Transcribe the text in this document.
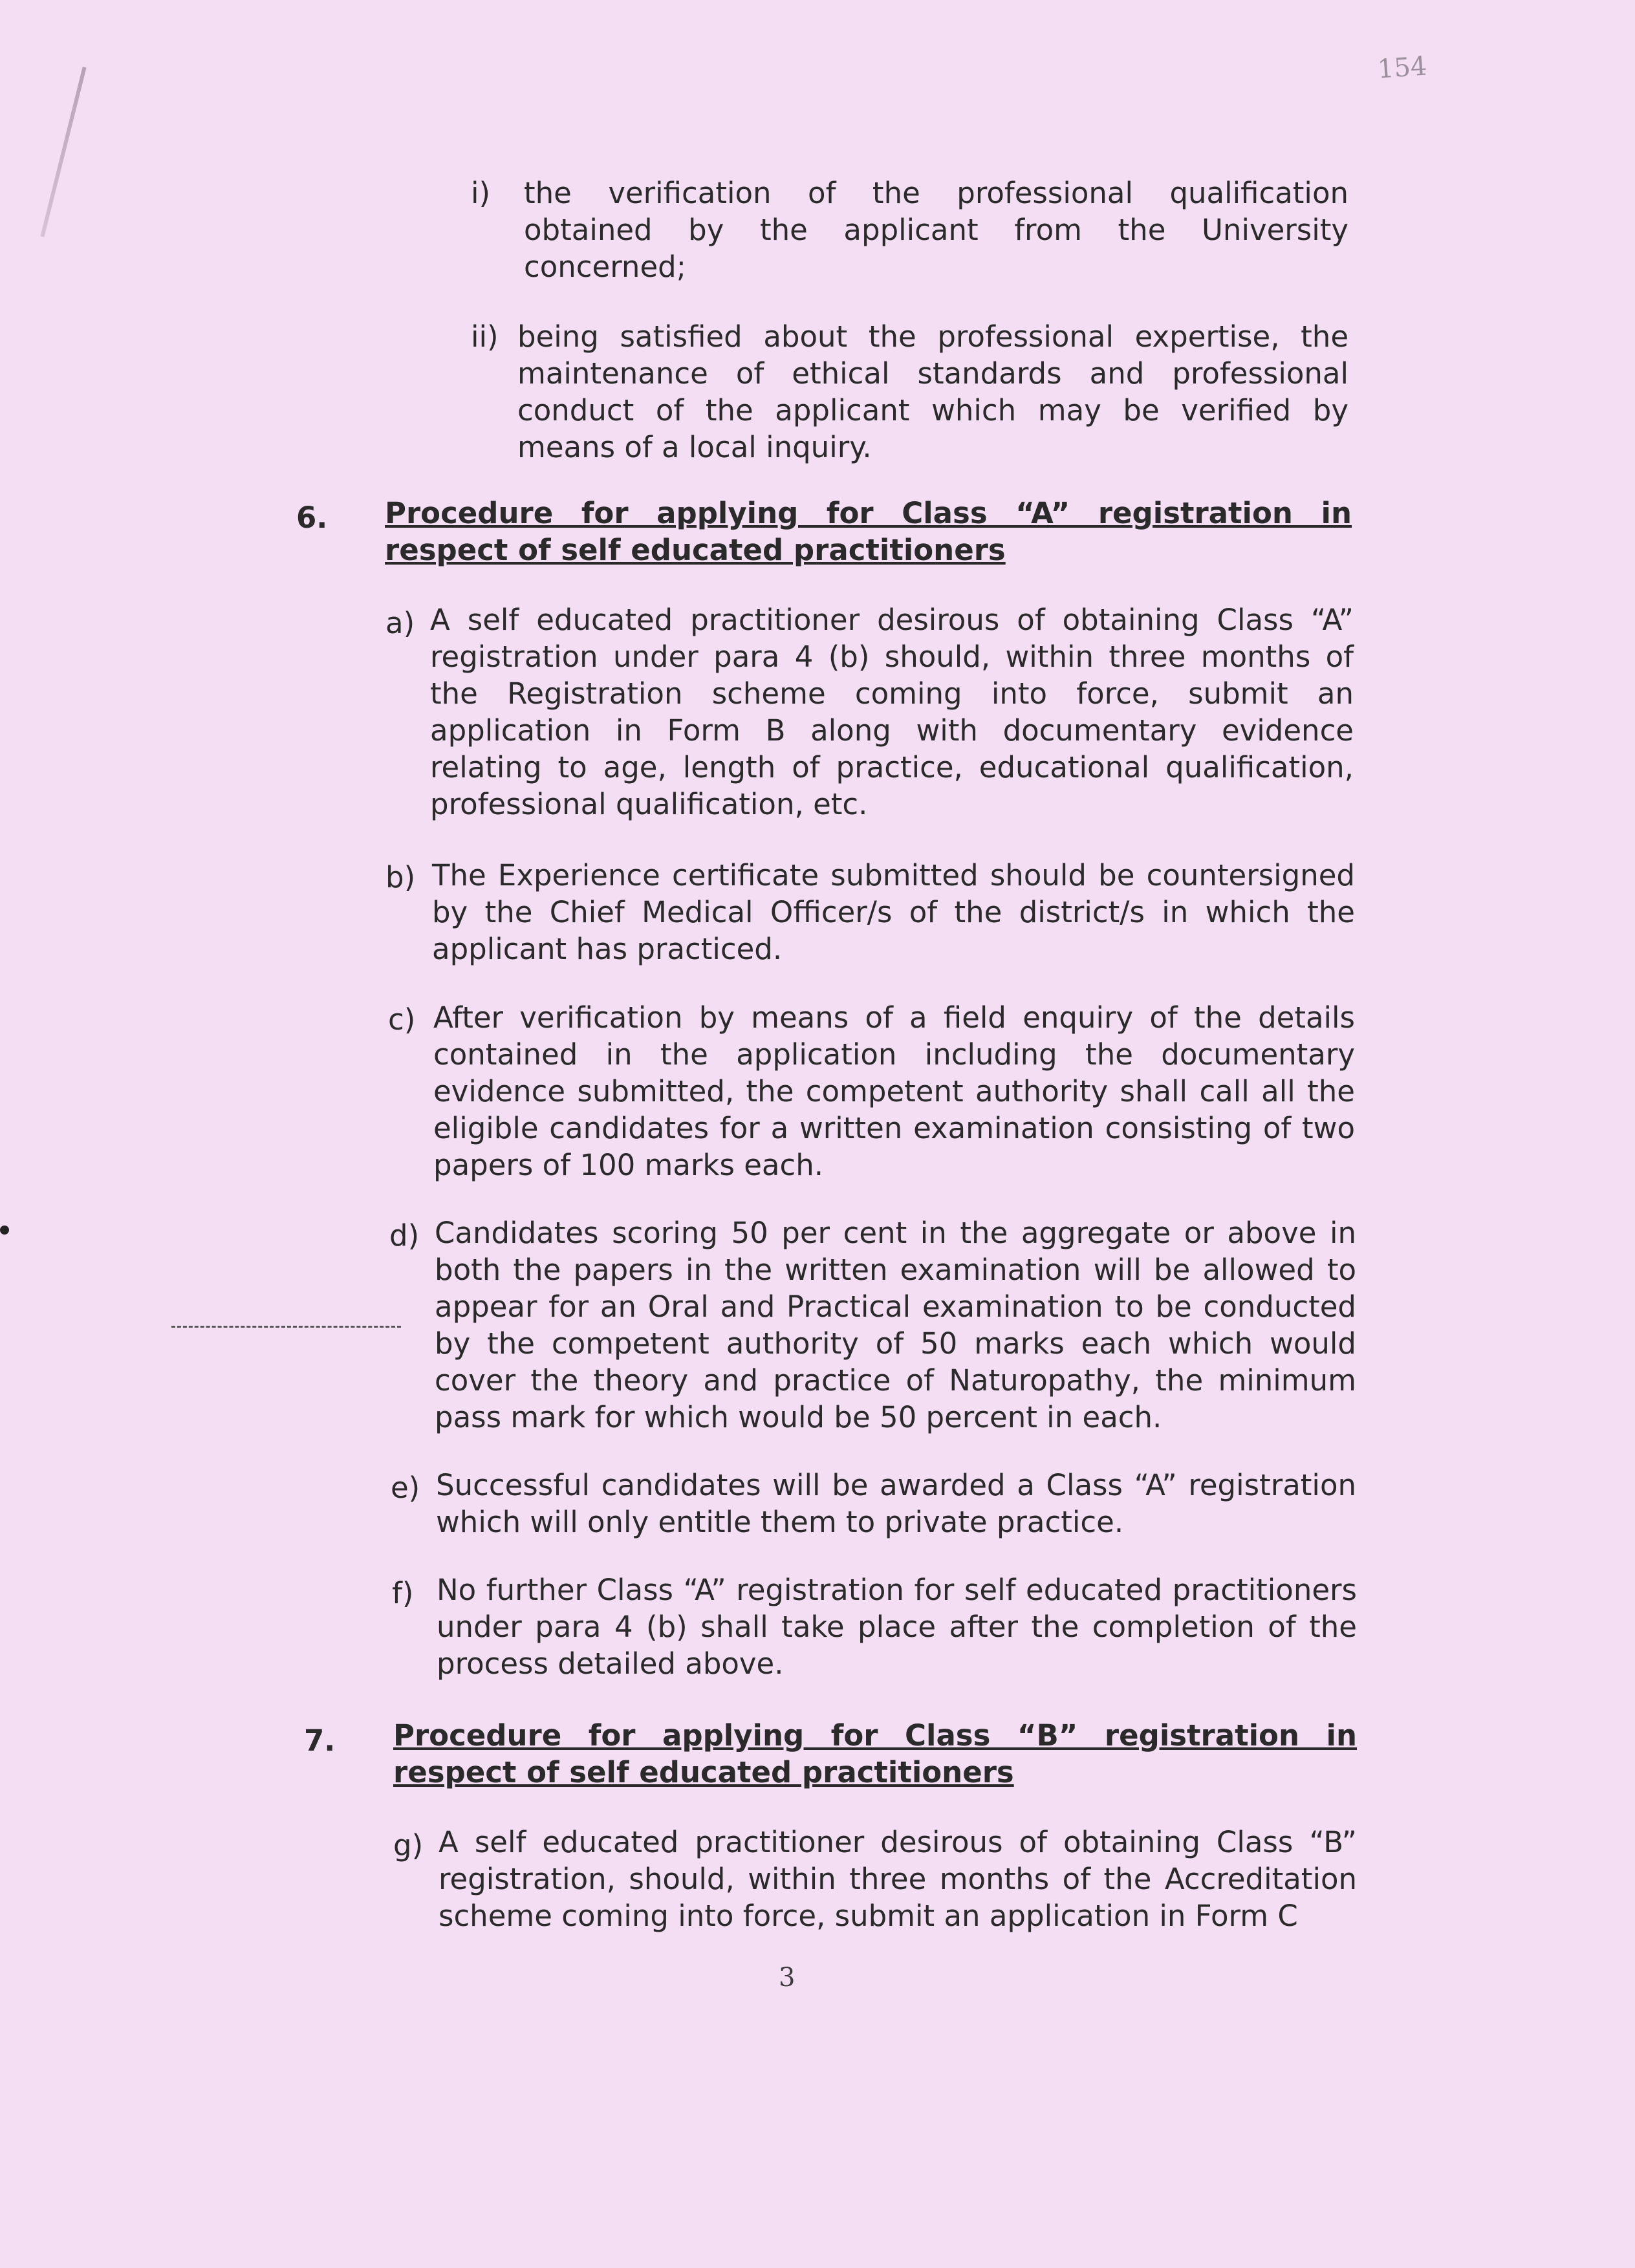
154
i) the verification of the professional qualification obtained by the applicant from the University concerned;
ii) being satisfied about the professional expertise, the maintenance of ethical standards and professional conduct of the applicant which may be verified by means of a local inquiry.
6. Procedure for applying for Class “A” registration in respect of self educated practitioners
a) A self educated practitioner desirous of obtaining Class “A” registration under para 4 (b) should, within three months of the Registration scheme coming into force, submit an application in Form B along with documentary evidence relating to age, length of practice, educational qualification, professional qualification, etc.
b) The Experience certificate submitted should be countersigned by the Chief Medical Officer/s of the district/s in which the applicant has practiced.
c) After verification by means of a field enquiry of the details contained in the application including the documentary evidence submitted, the competent authority shall call all the eligible candidates for a written examination consisting of two papers of 100 marks each.
d) Candidates scoring 50 per cent in the aggregate or above in both the papers in the written examination will be allowed to appear for an Oral and Practical examination to be conducted by the competent authority of 50 marks each which would cover the theory and practice of Naturopathy, the minimum pass mark for which would be 50 percent in each.
e) Successful candidates will be awarded a Class “A” registration which will only entitle them to private practice.
f) No further Class “A” registration for self educated practitioners under para 4 (b) shall take place after the completion of the process detailed above.
7. Procedure for applying for Class “B” registration in respect of self educated practitioners
g) A self educated practitioner desirous of obtaining Class “B” registration, should, within three months of the Accreditation scheme coming into force, submit an application in Form C
3
